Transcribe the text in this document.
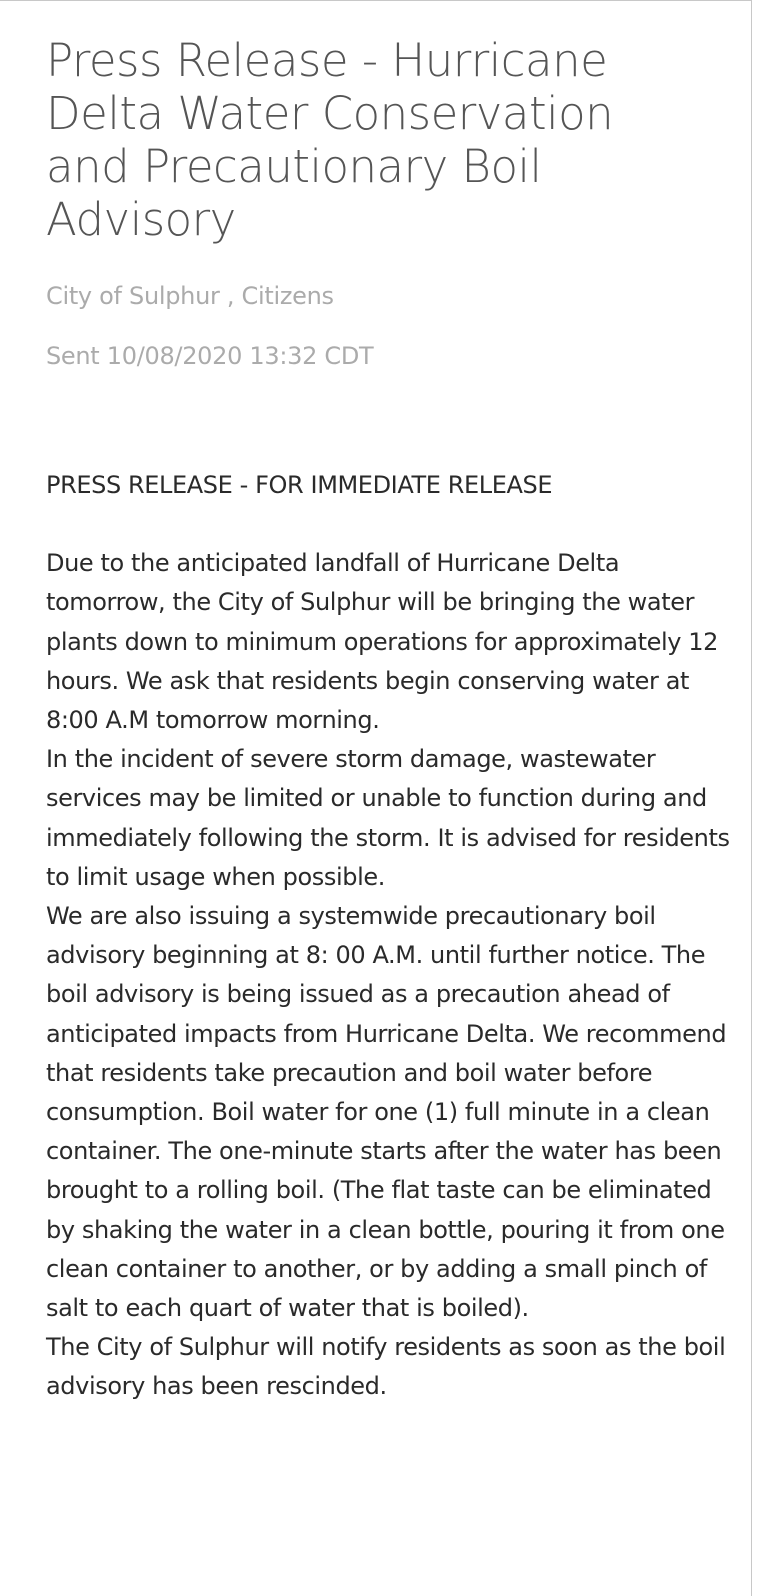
Press Release - Hurricane Delta Water Conservation and Precautionary Boil Advisory

City of Sulphur , Citizens

Sent 10/08/2020 13:32 CDT

PRESS RELEASE - FOR IMMEDIATE RELEASE

Due to the anticipated landfall of Hurricane Delta tomorrow, the City of Sulphur will be bringing the water plants down to minimum operations for approximately 12 hours. We ask that residents begin conserving water at 8:00 A.M tomorrow morning.

In the incident of severe storm damage, wastewater services may be limited or unable to function during and immediately following the storm. It is advised for residents to limit usage when possible.

We are also issuing a systemwide precautionary boil advisory beginning at 8: 00 A.M. until further notice. The boil advisory is being issued as a precaution ahead of anticipated impacts from Hurricane Delta. We recommend that residents take precaution and boil water before consumption. Boil water for one (1) full minute in a clean container. The one-minute starts after the water has been brought to a rolling boil. (The flat taste can be eliminated by shaking the water in a clean bottle, pouring it from one clean container to another, or by adding a small pinch of salt to each quart of water that is boiled).

The City of Sulphur will notify residents as soon as the boil advisory has been rescinded.
